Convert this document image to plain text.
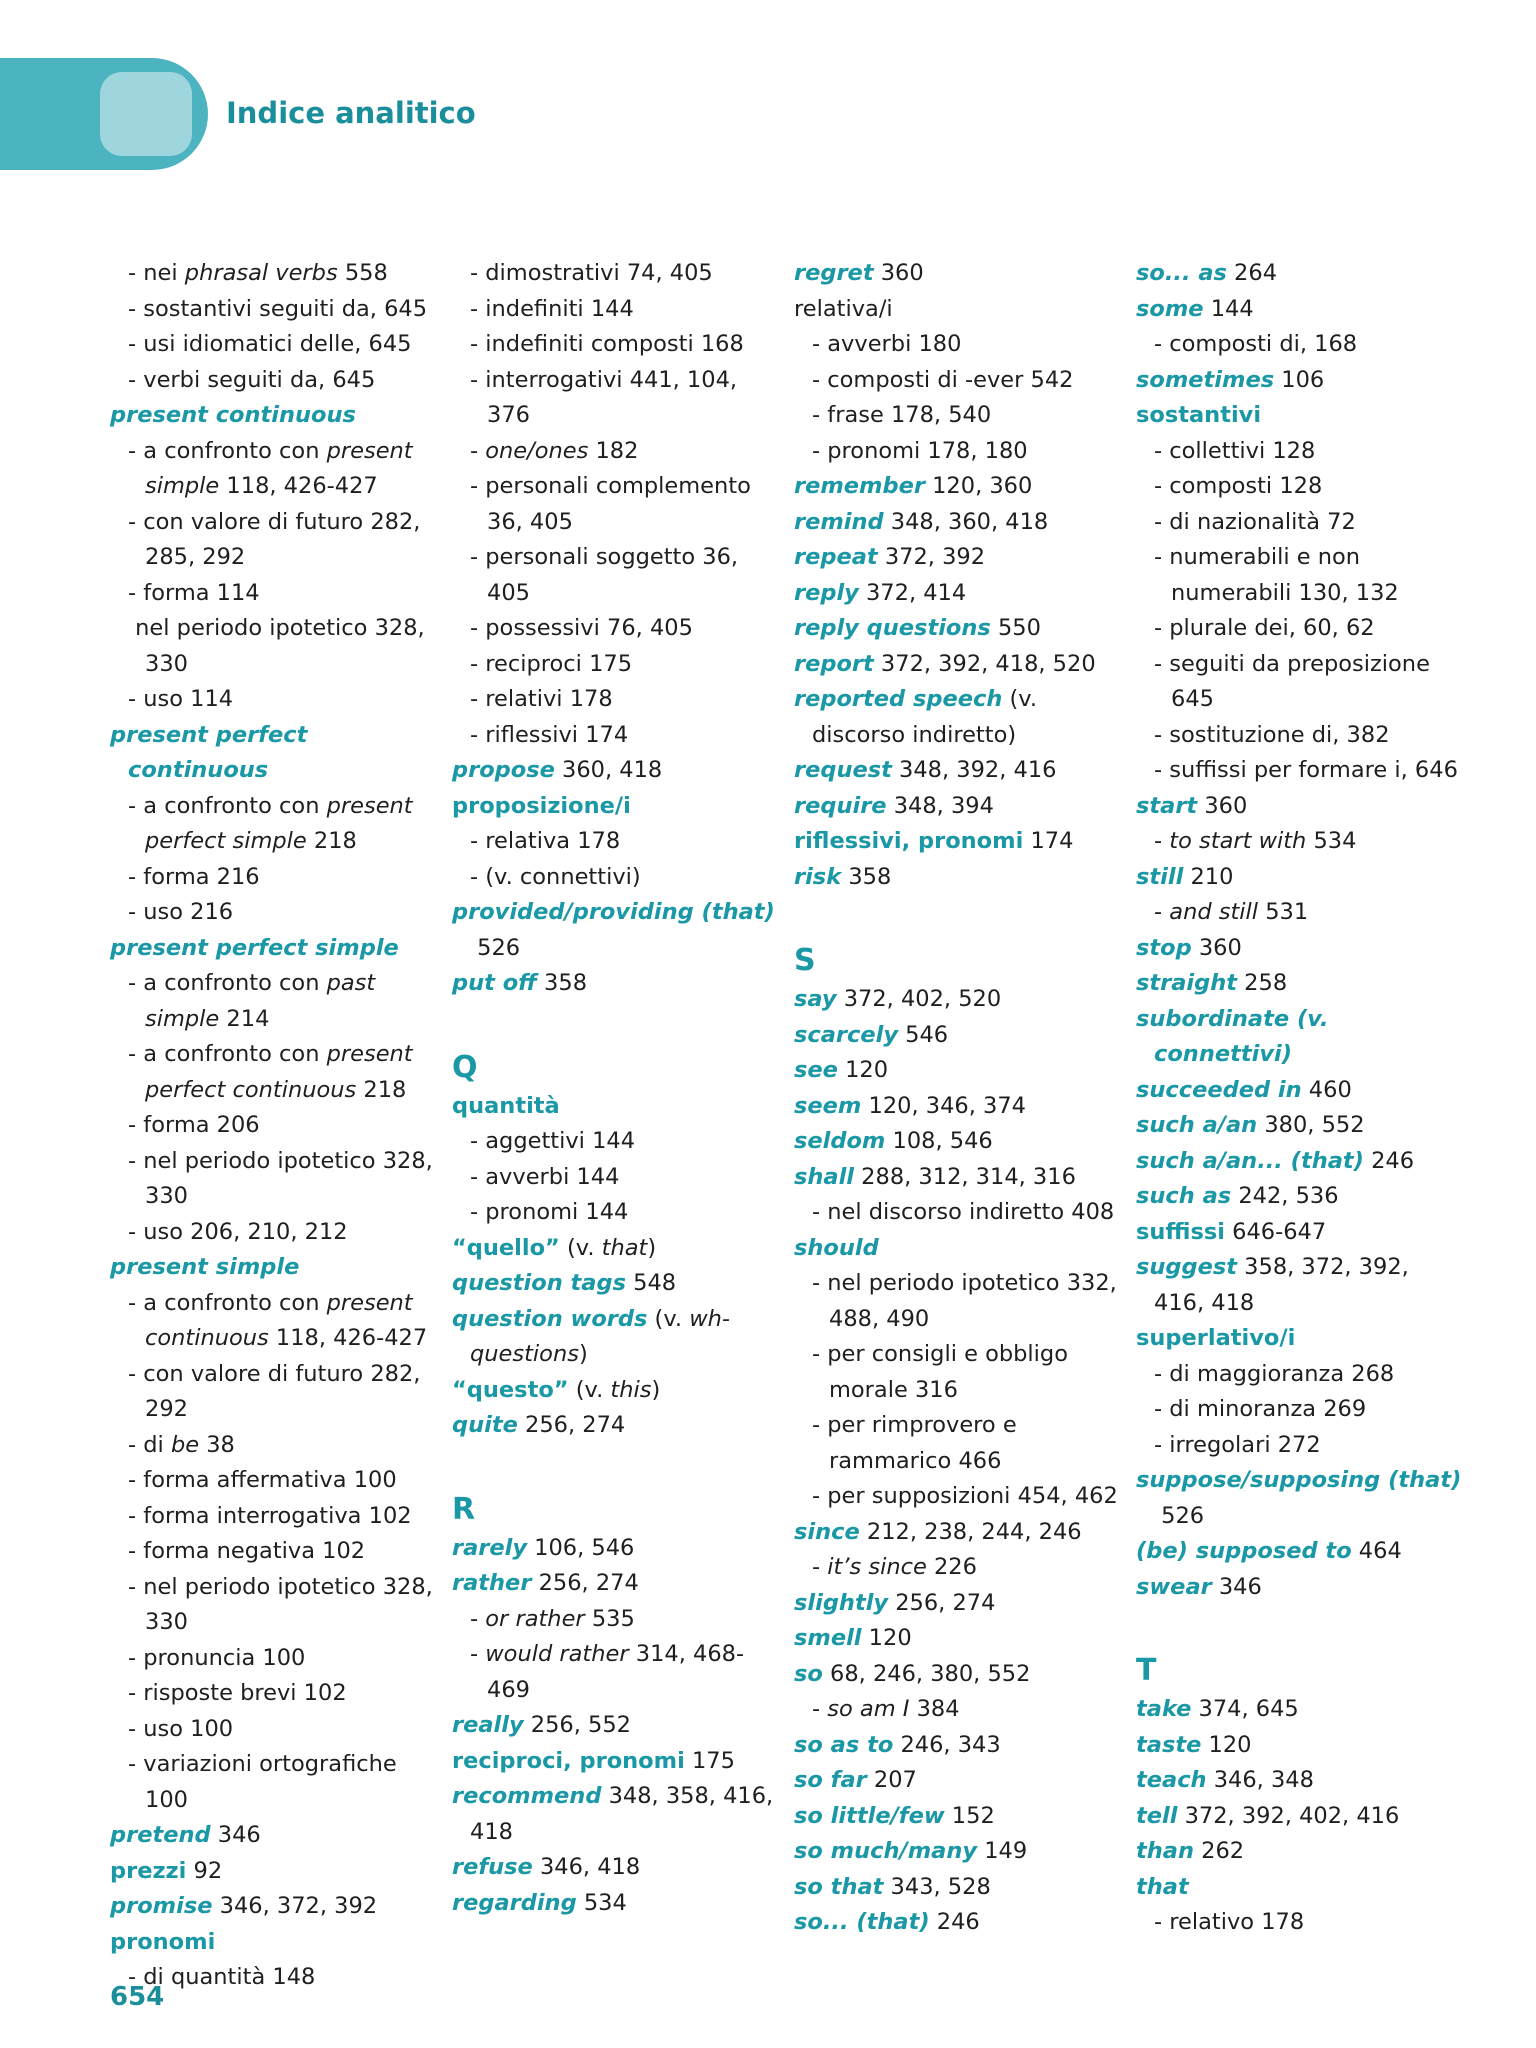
Indice analitico
- nei phrasal verbs 558
- sostantivi seguiti da, 645
- usi idiomatici delle, 645
- verbi seguiti da, 645
present continuous
- a confronto con present simple 118, 426-427
- con valore di futuro 282, 285, 292
- forma 114
nel periodo ipotetico 328, 330
- uso 114
present perfect continuous
- a confronto con present perfect simple 218
- forma 216
- uso 216
present perfect simple
- a confronto con past simple 214
- a confronto con present perfect continuous 218
- forma 206
- nel periodo ipotetico 328, 330
- uso 206, 210, 212
present simple
- a confronto con present continuous 118, 426-427
- con valore di futuro 282, 292
- di be 38
- forma affermativa 100
- forma interrogativa 102
- forma negativa 102
- nel periodo ipotetico 328, 330
- pronuncia 100
- risposte brevi 102
- uso 100
- variazioni ortografiche 100
pretend 346
prezzi 92
promise 346, 372, 392
pronomi
- di quantità 148
- dimostrativi 74, 405
- indefiniti 144
- indefiniti composti 168
- interrogativi 441, 104, 376
- one/ones 182
- personali complemento 36, 405
- personali soggetto 36, 405
- possessivi 76, 405
- reciproci 175
- relativi 178
- riflessivi 174
propose 360, 418
proposizione/i
- relativa 178
- (v. connettivi)
provided/providing (that)
526
put off 358
Q
quantità
- aggettivi 144
- avverbi 144
- pronomi 144
“quello” (v. that)
question tags 548
question words (v. wh-questions)
“questo” (v. this)
quite 256, 274
R
rarely 106, 546
rather 256, 274
- or rather 535
- would rather 314, 468-469
really 256, 552
reciproci, pronomi 175
recommend 348, 358, 416, 418
refuse 346, 418
regarding 534
regret 360
relativa/i
- avverbi 180
- composti di -ever 542
- frase 178, 540
- pronomi 178, 180
remember 120, 360
remind 348, 360, 418
repeat 372, 392
reply 372, 414
reply questions 550
report 372, 392, 418, 520
reported speech (v. discorso indiretto)
request 348, 392, 416
require 348, 394
riflessivi, pronomi 174
risk 358
S
say 372, 402, 520
scarcely 546
see 120
seem 120, 346, 374
seldom 108, 546
shall 288, 312, 314, 316
- nel discorso indiretto 408
should
- nel periodo ipotetico 332, 488, 490
- per consigli e obbligo morale 316
- per rimprovero e rammarico 466
- per supposizioni 454, 462
since 212, 238, 244, 246
- it’s since 226
slightly 256, 274
smell 120
so 68, 246, 380, 552
- so am I 384
so as to 246, 343
so far 207
so little/few 152
so much/many 149
so that 343, 528
so... (that) 246
so... as 264
some 144
- composti di, 168
sometimes 106
sostantivi
- collettivi 128
- composti 128
- di nazionalità 72
- numerabili e non numerabili 130, 132
- plurale dei, 60, 62
- seguiti da preposizione 645
- sostituzione di, 382
- suffissi per formare i, 646
start 360
- to start with 534
still 210
- and still 531
stop 360
straight 258
subordinate (v. connettivi)
succeeded in 460
such a/an 380, 552
such a/an... (that) 246
such as 242, 536
suffissi 646-647
suggest 358, 372, 392, 416, 418
superlativo/i
- di maggioranza 268
- di minoranza 269
- irregolari 272
suppose/supposing (that)
526
(be) supposed to 464
swear 346
T
take 374, 645
taste 120
teach 346, 348
tell 372, 392, 402, 416
than 262
that
- relativo 178
654
